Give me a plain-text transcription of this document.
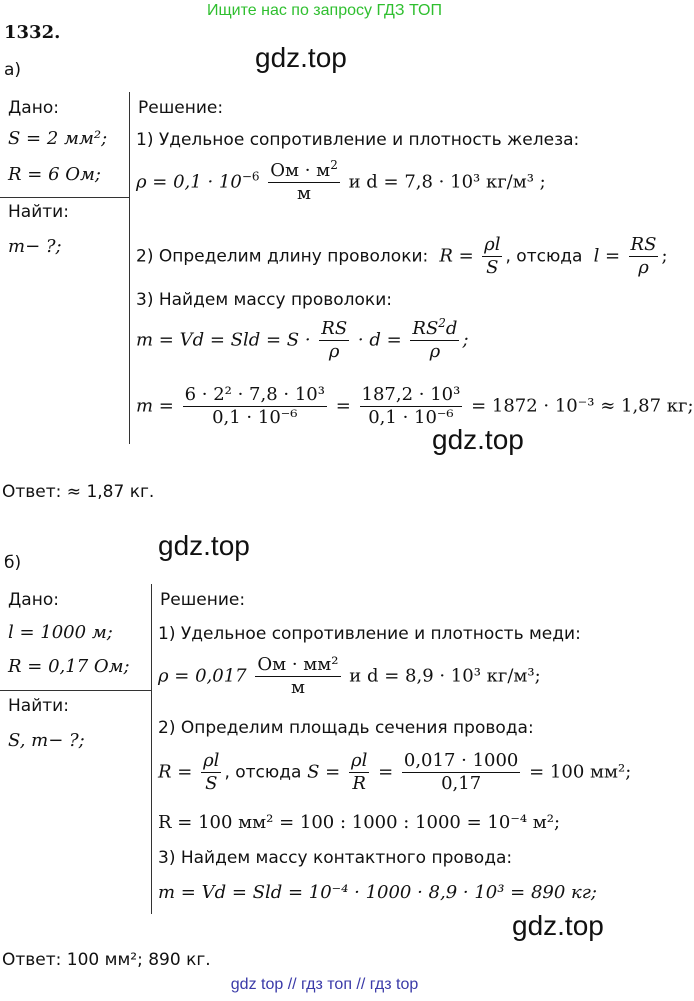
Ищите нас по запросу ГДЗ ТОП
1332.
gdz.top
а)
Дано:
S = 2 мм²;
R = 6 Ом;
Найти:
m− ?;
Решение:
1) Удельное сопротивление и плотность железа:
$\rho = 0,1 \cdot 10^{-6} \frac{Ом \cdot м^2}{м}$ и d = 7,8 · 10³ кг/м³ ;
2) Определим длину проволоки:  $R = \frac{\rho l}{S}$ , отсюда  $l = \frac{RS}{\rho}$ ;
3) Найдем массу проволоки:
m = Vd = Sld = $S \cdot \frac{RS}{\rho} \cdot d = \frac{RS^2d}{\rho}$ ;
$m = \frac{\text{6 · 2² · 7,8 · 10³}}{\text{0,1 · 10⁻⁶}} = \frac{\text{187,2 · 10³}}{\text{0,1 · 10⁻⁶}} = 1872 \cdot 10^{-3} \approx 1,87$ кг;
gdz.top
Ответ: ≈ 1,87 кг.
gdz.top
б)
Дано:
l = 1000 м;
R = 0,17 Ом;
Найти:
S, m− ?;
Решение:
1) Удельное сопротивление и плотность меди:
$\rho = 0,017 \frac{\text{Ом · мм²}}{м}$ и d = 8,9 · 10³ кг/м³;
2) Определим площадь сечения провода:
$R = \frac{\rho l}{S}$ , отсюда $S = \frac{\rho l}{R} = \frac{0,017 \cdot 1000}{0,17} = 100$ мм²;
R = 100 мм² = 100 : 1000 : 1000 = 10⁻⁴ м²;
3) Найдем массу контактного провода:
m = Vd = Sld = 10⁻⁴ · 1000 · 8,9 · 10³ = 890 кг;
gdz.top
Ответ: 100 мм²; 890 кг.
gdz top // гдз топ // гдз top
